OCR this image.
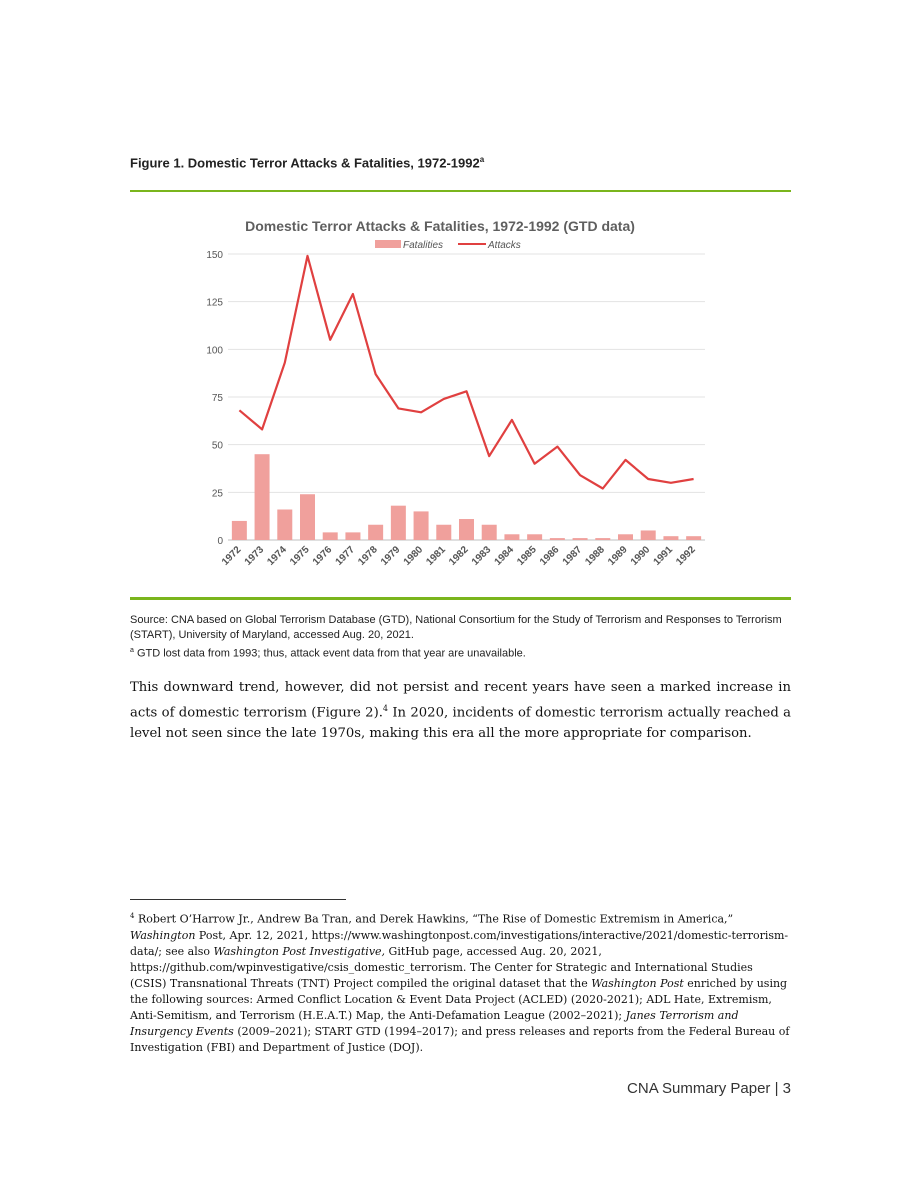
Figure 1. Domestic Terror Attacks & Fatalities, 1972-1992$^a$
Domestic Terror Attacks & Fatalities, 1972-1992 (GTD data)
Fatalities	Attacks
0
25
50
75
100
125
150
1972 1973 1974 1975 1976 1977 1978 1979 1980 1981 1982 1983 1984 1985 1986 1987 1988 1989 1990 1991 1992
Source: CNA based on Global Terrorism Database (GTD), National Consortium for the Study of Terrorism and Responses to Terrorism (START), University of Maryland, accessed Aug. 20, 2021.
$^a$ GTD lost data from 1993; thus, attack event data from that year are unavailable.
This downward trend, however, did not persist and recent years have seen a marked increase in acts of domestic terrorism (Figure 2).$^4$ In 2020, incidents of domestic terrorism actually reached a level not seen since the late 1970s, making this era all the more appropriate for comparison.
$^4$ Robert O’Harrow Jr., Andrew Ba Tran, and Derek Hawkins, “The Rise of Domestic Extremism in America,” Washington Post, Apr. 12, 2021, https://www.washingtonpost.com/investigations/interactive/2021/domestic-terrorism-data/; see also Washington Post Investigative, GitHub page, accessed Aug. 20, 2021, https://github.com/wpinvestigative/csis_domestic_terrorism. The Center for Strategic and International Studies (CSIS) Transnational Threats (TNT) Project compiled the original dataset that the Washington Post enriched by using the following sources: Armed Conflict Location & Event Data Project (ACLED) (2020-2021); ADL Hate, Extremism, Anti-Semitism, and Terrorism (H.E.A.T.) Map, the Anti-Defamation League (2002–2021); Janes Terrorism and Insurgency Events (2009–2021); START GTD (1994–2017); and press releases and reports from the Federal Bureau of Investigation (FBI) and Department of Justice (DOJ).
CNA Summary Paper | 3
